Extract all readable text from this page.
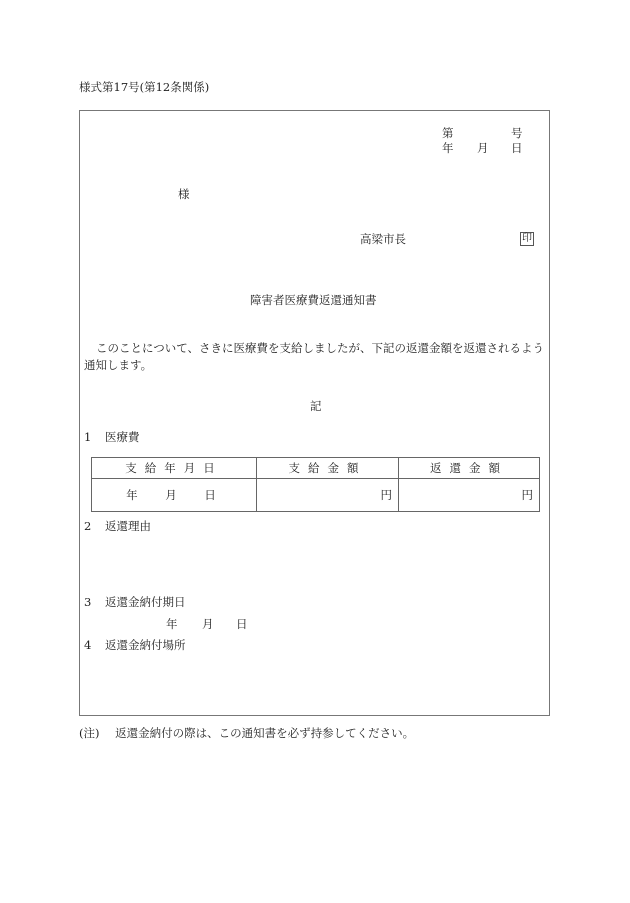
様式第17号(第12条関係)
第	号
年 月 日
様
高梁市長	印
障害者医療費返還通知書
このことについて、さきに医療費を支給しましたが、下記の返還金額を返還されるよう通知します。
記
1 医療費
支給年月日	支給金額	返還金額
年 月 日	円	円
2 返還理由
3 返還金納付期日
年 月 日
4 返還金納付場所
(注) 返還金納付の際は、この通知書を必ず持参してください。
